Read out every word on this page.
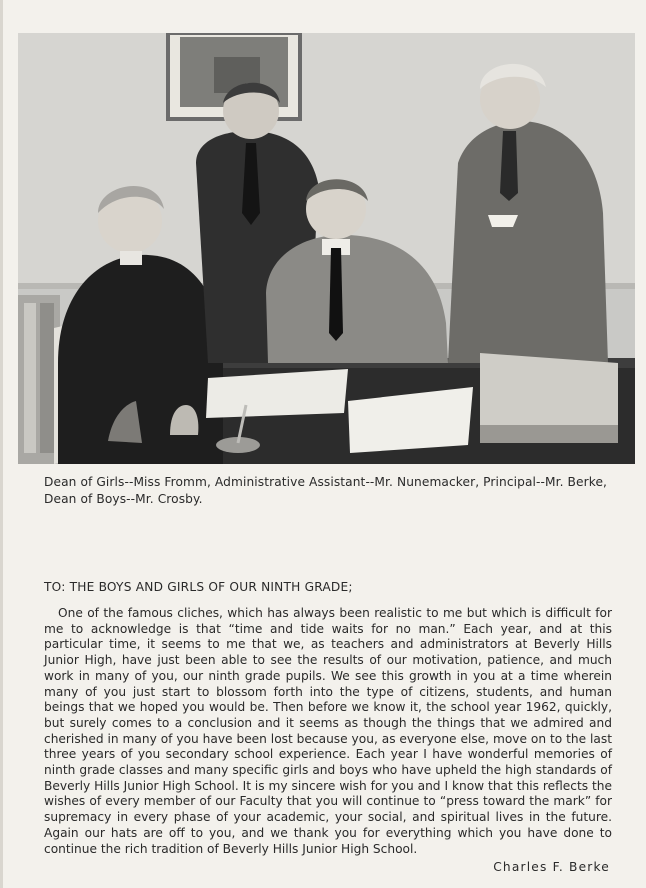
Dean of Girls--Miss Fromm, Administrative Assistant--Mr. Nunemacker, Principal--Mr. Berke, Dean of Boys--Mr. Crosby.
TO: THE BOYS AND GIRLS OF OUR NINTH GRADE;

One of the famous cliches, which has always been realistic to me but which is difficult for me to acknowledge is that “time and tide waits for no man.” Each year, and at this particular time, it seems to me that we, as teachers and administrators at Beverly Hills Junior High, have just been able to see the results of our motivation, patience, and much work in many of you, our ninth grade pupils. We see this growth in you at a time wherein many of you just start to blossom forth into the type of citizens, students, and human beings that we hoped you would be. Then before we know it, the school year 1962, quickly, but surely comes to a conclusion and it seems as though the things that we admired and cherished in many of you have been lost because you, as everyone else, move on to the last three years of you secondary school experience. Each year I have wonderful memories of ninth grade classes and many specific girls and boys who have upheld the high standards of Beverly Hills Junior High School. It is my sincere wish for you and I know that this reflects the wishes of every member of our Faculty that you will continue to “press toward the mark” for supremacy in every phase of your academic, your social, and spiritual lives in the future. Again our hats are off to you, and we thank you for everything which you have done to continue the rich tradition of Beverly Hills Junior High School.

Charles F. Berke
